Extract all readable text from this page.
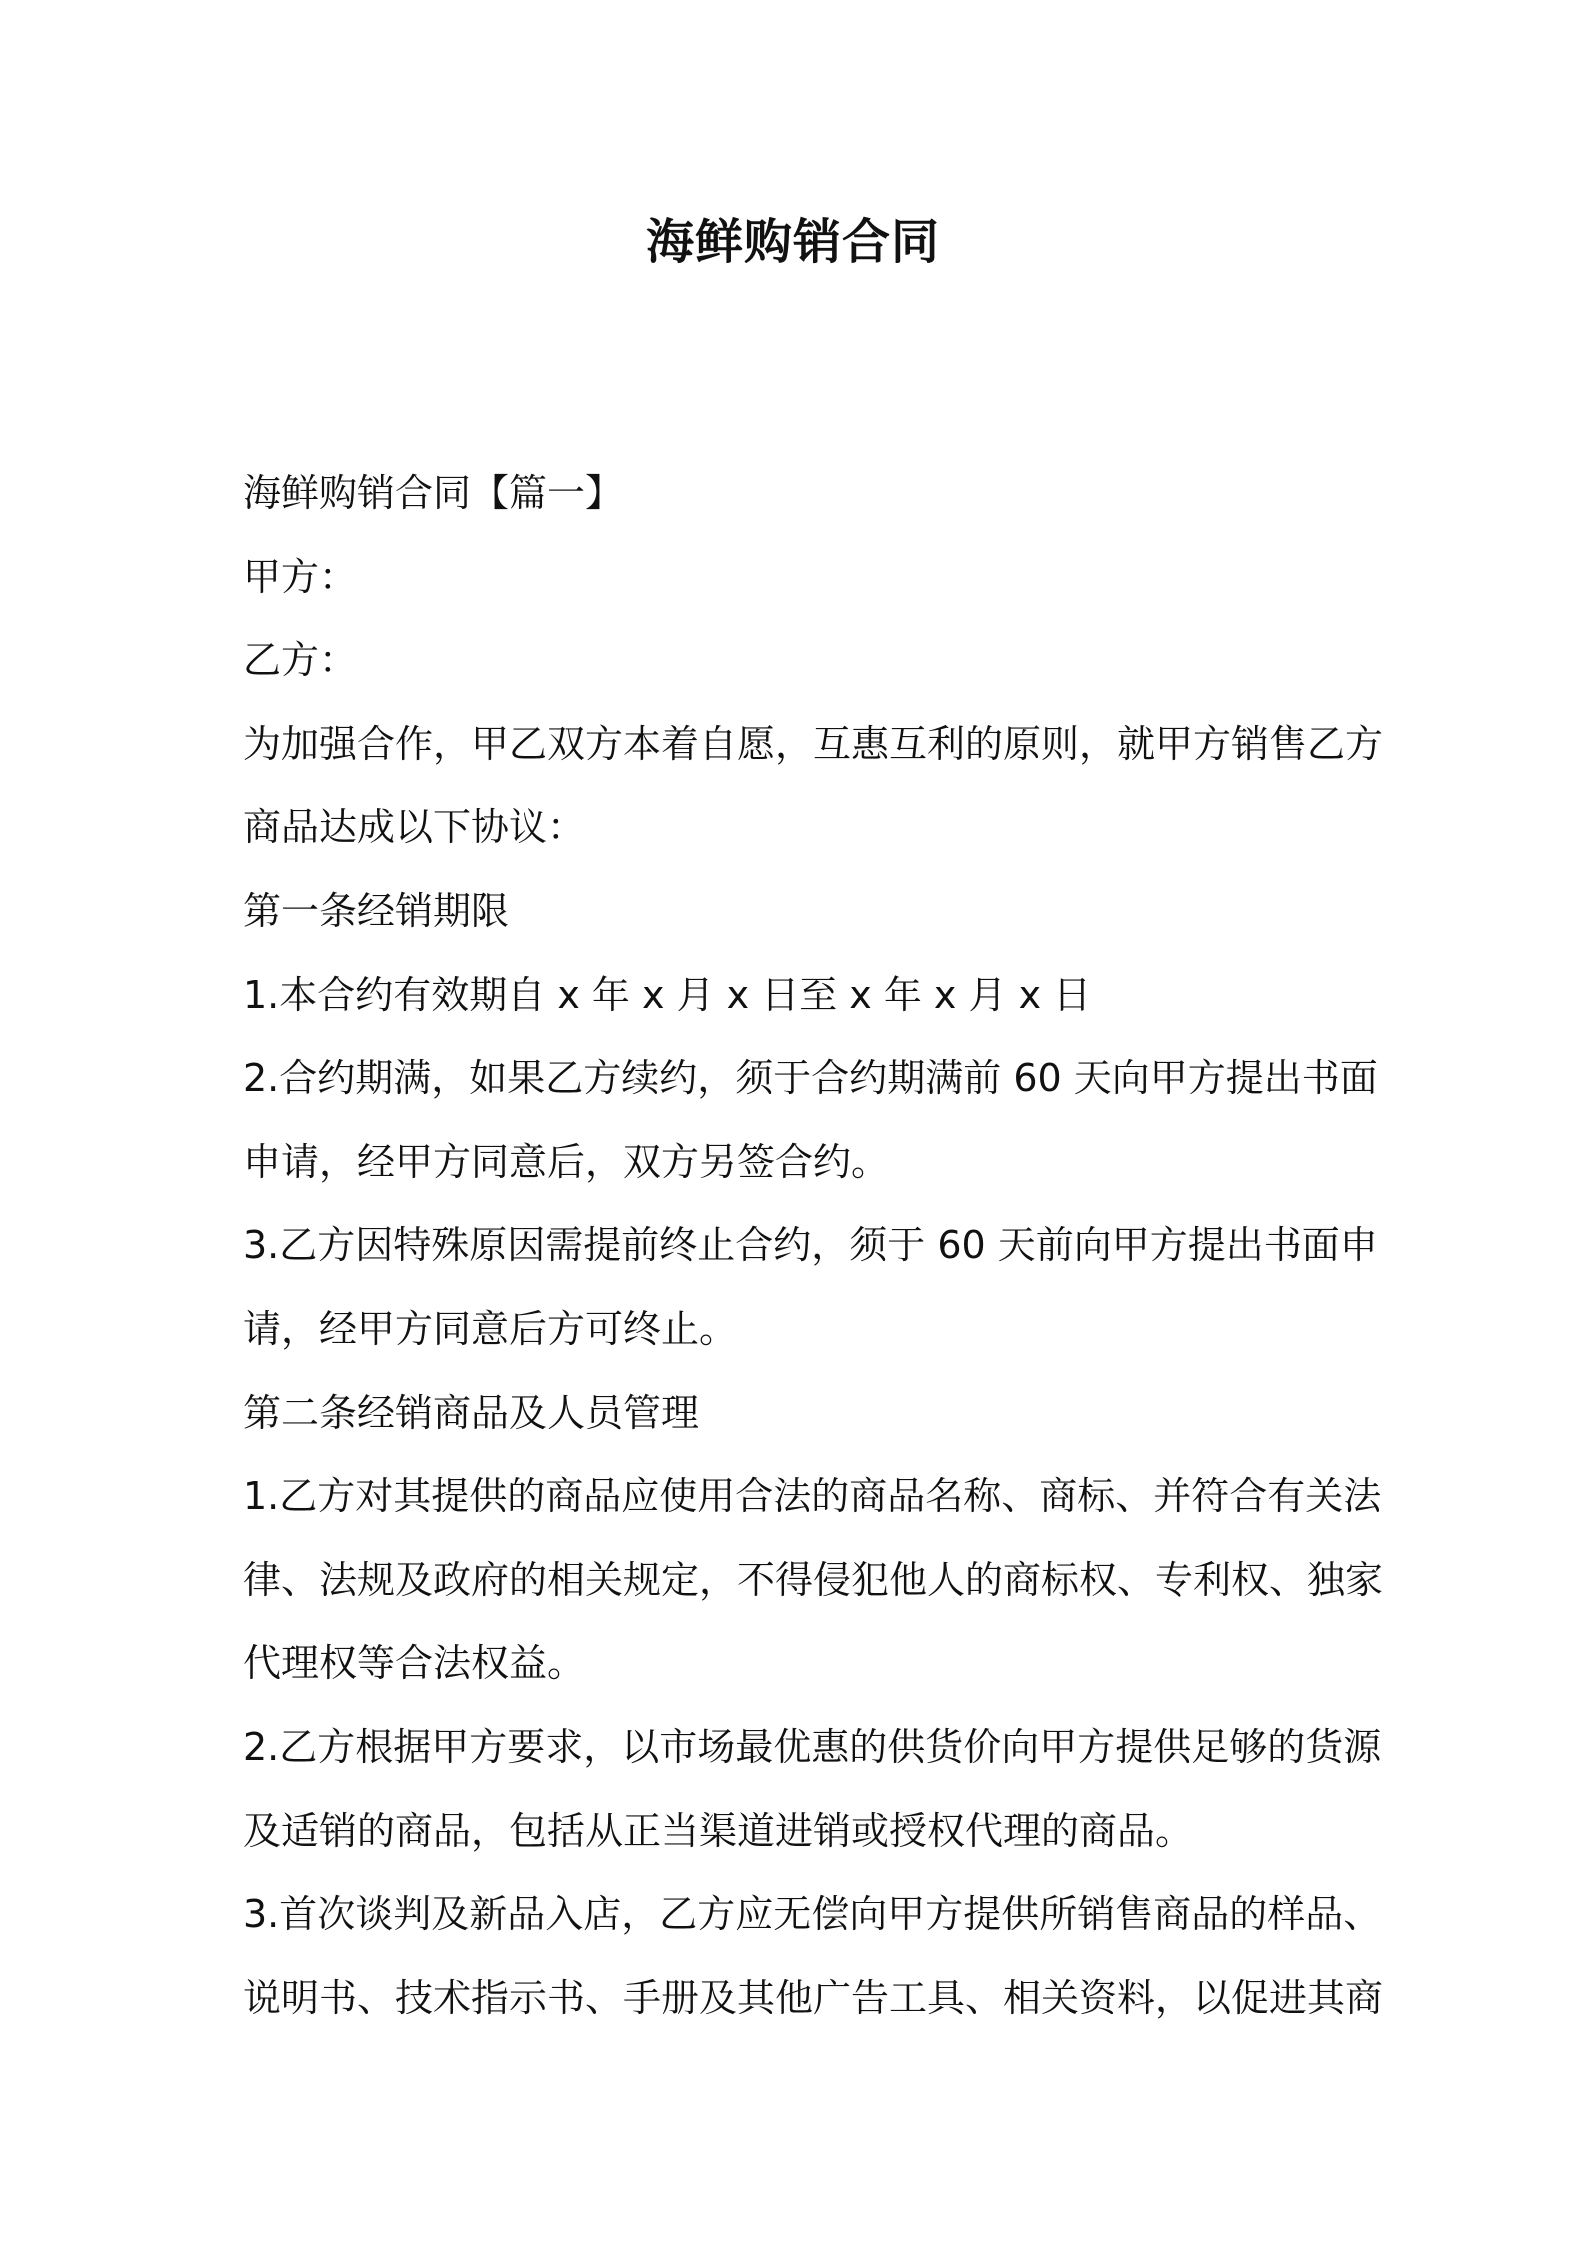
海鲜购销合同

海鲜购销合同【篇一】

甲方：

乙方：

为加强合作，甲乙双方本着自愿，互惠互利的原则，就甲方销售乙方

商品达成以下协议：

第一条经销期限

1.本合约有效期自 x 年 x 月 x 日至 x 年 x 月 x 日

2.合约期满，如果乙方续约，须于合约期满前 60 天向甲方提出书面

申请，经甲方同意后，双方另签合约。

3.乙方因特殊原因需提前终止合约，须于 60 天前向甲方提出书面申

请，经甲方同意后方可终止。

第二条经销商品及人员管理

1.乙方对其提供的商品应使用合法的商品名称、商标、并符合有关法

律、法规及政府的相关规定，不得侵犯他人的商标权、专利权、独家

代理权等合法权益。

2.乙方根据甲方要求，以市场最优惠的供货价向甲方提供足够的货源

及适销的商品，包括从正当渠道进销或授权代理的商品。

3.首次谈判及新品入店，乙方应无偿向甲方提供所销售商品的样品、

说明书、技术指示书、手册及其他广告工具、相关资料，以促进其商
